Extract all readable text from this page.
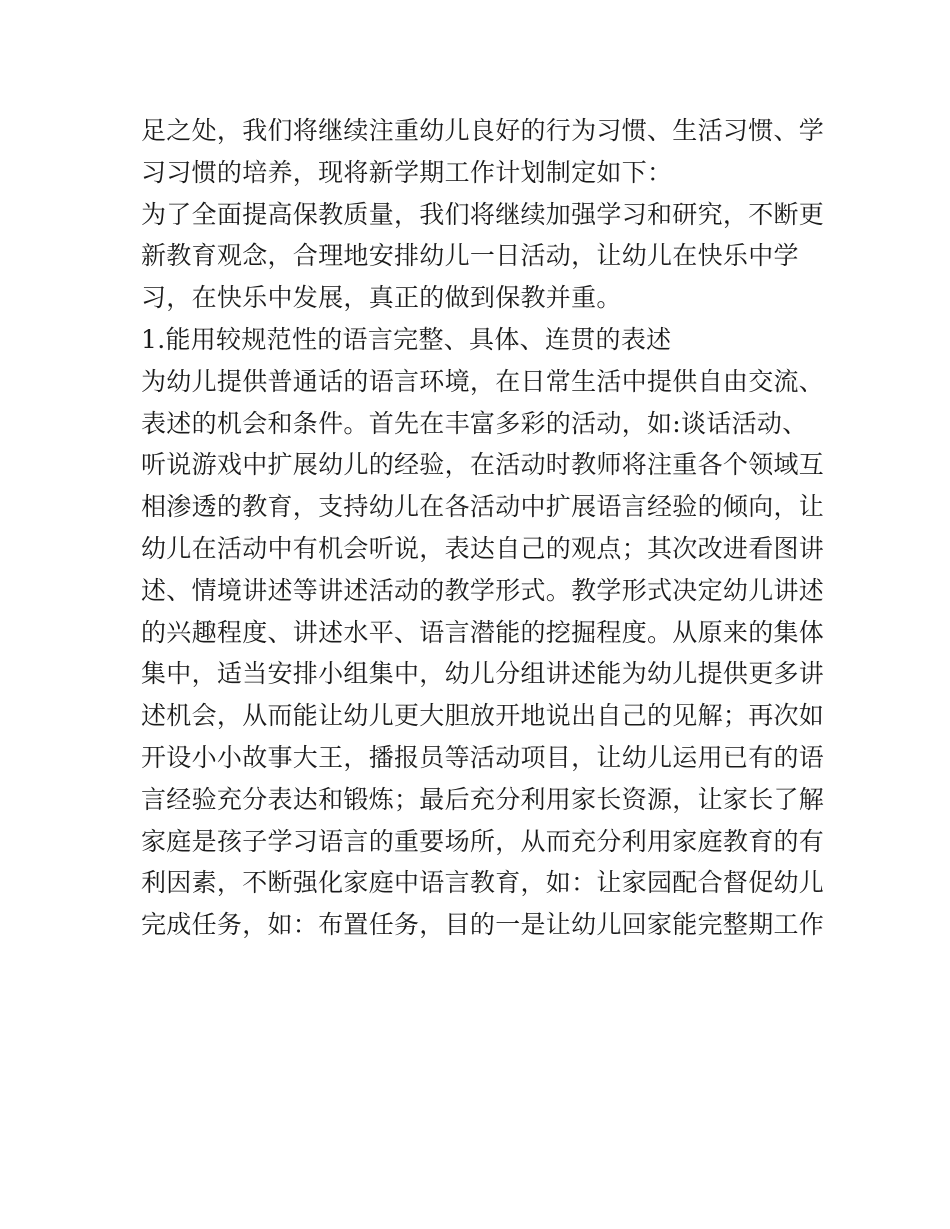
足之处，我们将继续注重幼儿良好的行为习惯、生活习惯、学
习习惯的培养，现将新学期工作计划制定如下：
为了全面提高保教质量，我们将继续加强学习和研究，不断更
新教育观念，合理地安排幼儿一日活动，让幼儿在快乐中学
习，在快乐中发展，真正的做到保教并重。
1.能用较规范性的语言完整、具体、连贯的表述
为幼儿提供普通话的语言环境，在日常生活中提供自由交流、
表述的机会和条件。首先在丰富多彩的活动，如:谈话活动、
听说游戏中扩展幼儿的经验，在活动时教师将注重各个领域互
相渗透的教育，支持幼儿在各活动中扩展语言经验的倾向，让
幼儿在活动中有机会听说，表达自己的观点；其次改进看图讲
述、情境讲述等讲述活动的教学形式。教学形式决定幼儿讲述
的兴趣程度、讲述水平、语言潜能的挖掘程度。从原来的集体
集中，适当安排小组集中，幼儿分组讲述能为幼儿提供更多讲
述机会，从而能让幼儿更大胆放开地说出自己的见解；再次如
开设小小故事大王，播报员等活动项目，让幼儿运用已有的语
言经验充分表达和锻炼；最后充分利用家长资源，让家长了解
家庭是孩子学习语言的重要场所，从而充分利用家庭教育的有
利因素，不断强化家庭中语言教育，如：让家园配合督促幼儿
完成任务，如：布置任务，目的一是让幼儿回家能完整期工作
